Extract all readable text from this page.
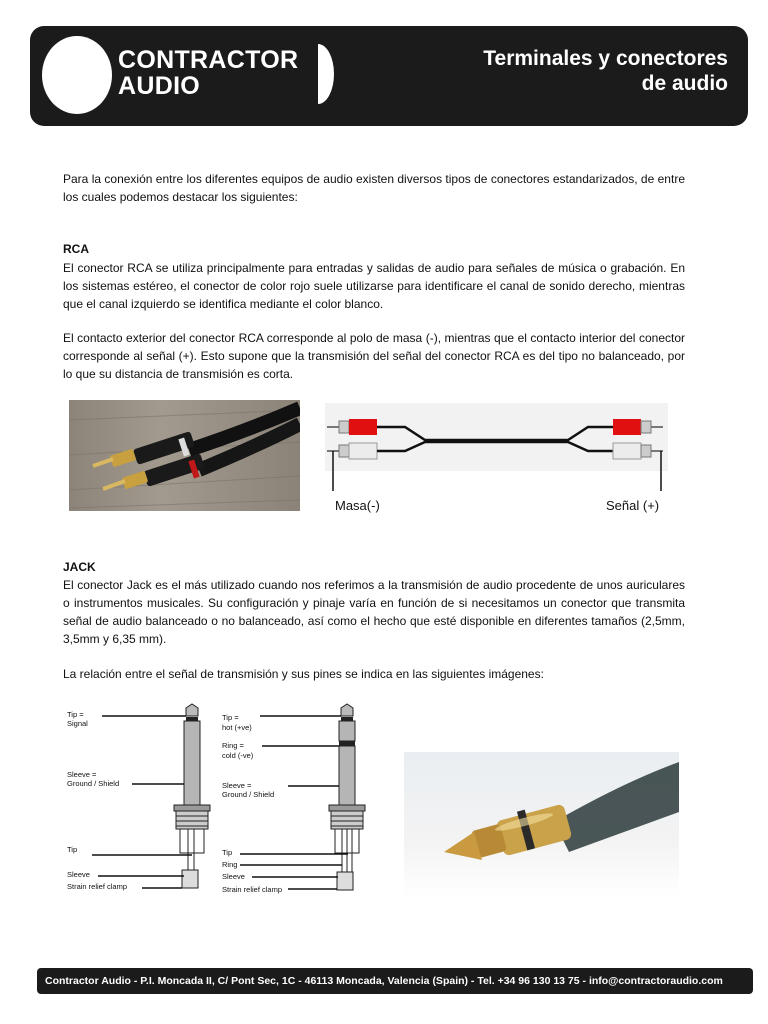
CONTRACTOR
AUDIO
Terminales y conectores
de audio
Para la conexión entre los diferentes equipos de audio existen diversos tipos de conectores estandarizados, de entre los cuales podemos destacar los siguientes:
RCA
El conector RCA se utiliza principalmente para entradas y salidas de audio para señales de música o grabación. En los sistemas estéreo, el conector de color rojo suele utilizarse para identificare el canal de sonido derecho, mientras que el canal izquierdo se identifica mediante el color blanco.
El contacto exterior del conector RCA corresponde al polo de masa (-), mientras que el contacto interior del conector corresponde al señal (+). Esto supone que la transmisión del señal del conector RCA es del tipo no balanceado, por lo que su distancia de transmisión es corta.
Masa(-)	Señal (+)
JACK
El conector Jack es el más utilizado cuando nos referimos a la transmisión de audio procedente de unos auriculares o instrumentos musicales. Su configuración y pinaje varía en función de si necesitamos un conector que transmita señal de audio balanceado o no balanceado, así como el hecho que esté disponible en diferentes tamaños (2,5mm, 3,5mm y 6,35 mm).
La relación entre el señal de transmisión y sus pines se indica en las siguientes imágenes:
Tip =
Signal
Sleeve =
Ground / Shield
Tip
Sleeve
Strain relief clamp
Tip =
hot (+ve)
Ring =
cold (-ve)
Sleeve =
Ground / Shield
Tip
Ring
Sleeve
Strain relief clamp
Contractor Audio - P.I. Moncada II, C/ Pont Sec, 1C - 46113 Moncada, Valencia (Spain) - Tel. +34 96 130 13 75 - info@contractoraudio.com
